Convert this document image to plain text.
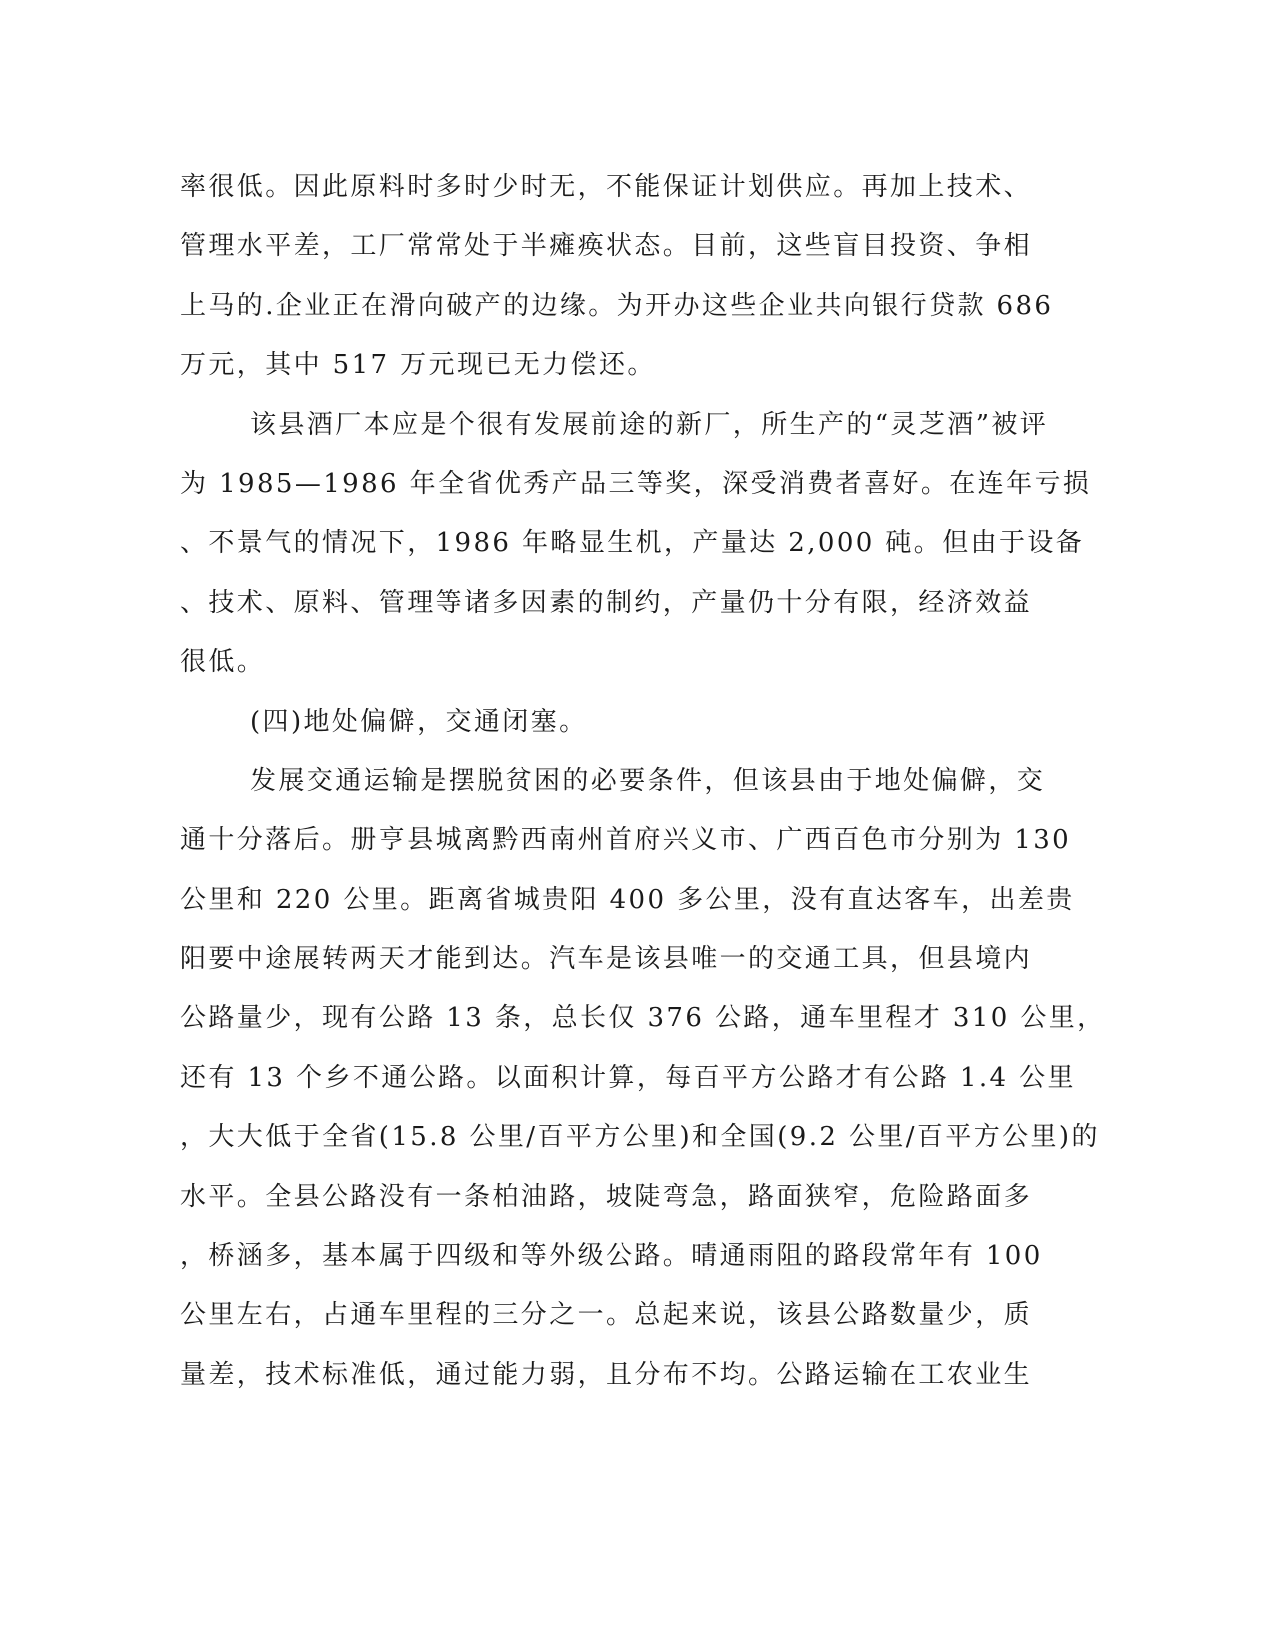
率很低。因此原料时多时少时无，不能保证计划供应。再加上技术、
管理水平差，工厂常常处于半瘫痪状态。目前，这些盲目投资、争相
上马的.企业正在滑向破产的边缘。为开办这些企业共向银行贷款 686
万元，其中 517 万元现已无力偿还。
该县酒厂本应是个很有发展前途的新厂，所生产的“灵芝酒”被评
为 1985—1986 年全省优秀产品三等奖，深受消费者喜好。在连年亏损
、不景气的情况下，1986 年略显生机，产量达 2,000 砘。但由于设备
、技术、原料、管理等诸多因素的制约，产量仍十分有限，经济效益
很低。
(四)地处偏僻，交通闭塞。
发展交通运输是摆脱贫困的必要条件，但该县由于地处偏僻，交
通十分落后。册亨县城离黔西南州首府兴义市、广西百色市分别为 130
公里和 220 公里。距离省城贵阳 400 多公里，没有直达客车，出差贵
阳要中途展转两天才能到达。汽车是该县唯一的交通工具，但县境内
公路量少，现有公路 13 条，总长仅 376 公路，通车里程才 310 公里，
还有 13 个乡不通公路。以面积计算，每百平方公路才有公路 1.4 公里
，大大低于全省(15.8 公里/百平方公里)和全国(9.2 公里/百平方公里)的
水平。全县公路没有一条柏油路，坡陡弯急，路面狭窄，危险路面多
，桥涵多，基本属于四级和等外级公路。晴通雨阻的路段常年有 100
公里左右，占通车里程的三分之一。总起来说，该县公路数量少，质
量差，技术标准低，通过能力弱，且分布不均。公路运输在工农业生
